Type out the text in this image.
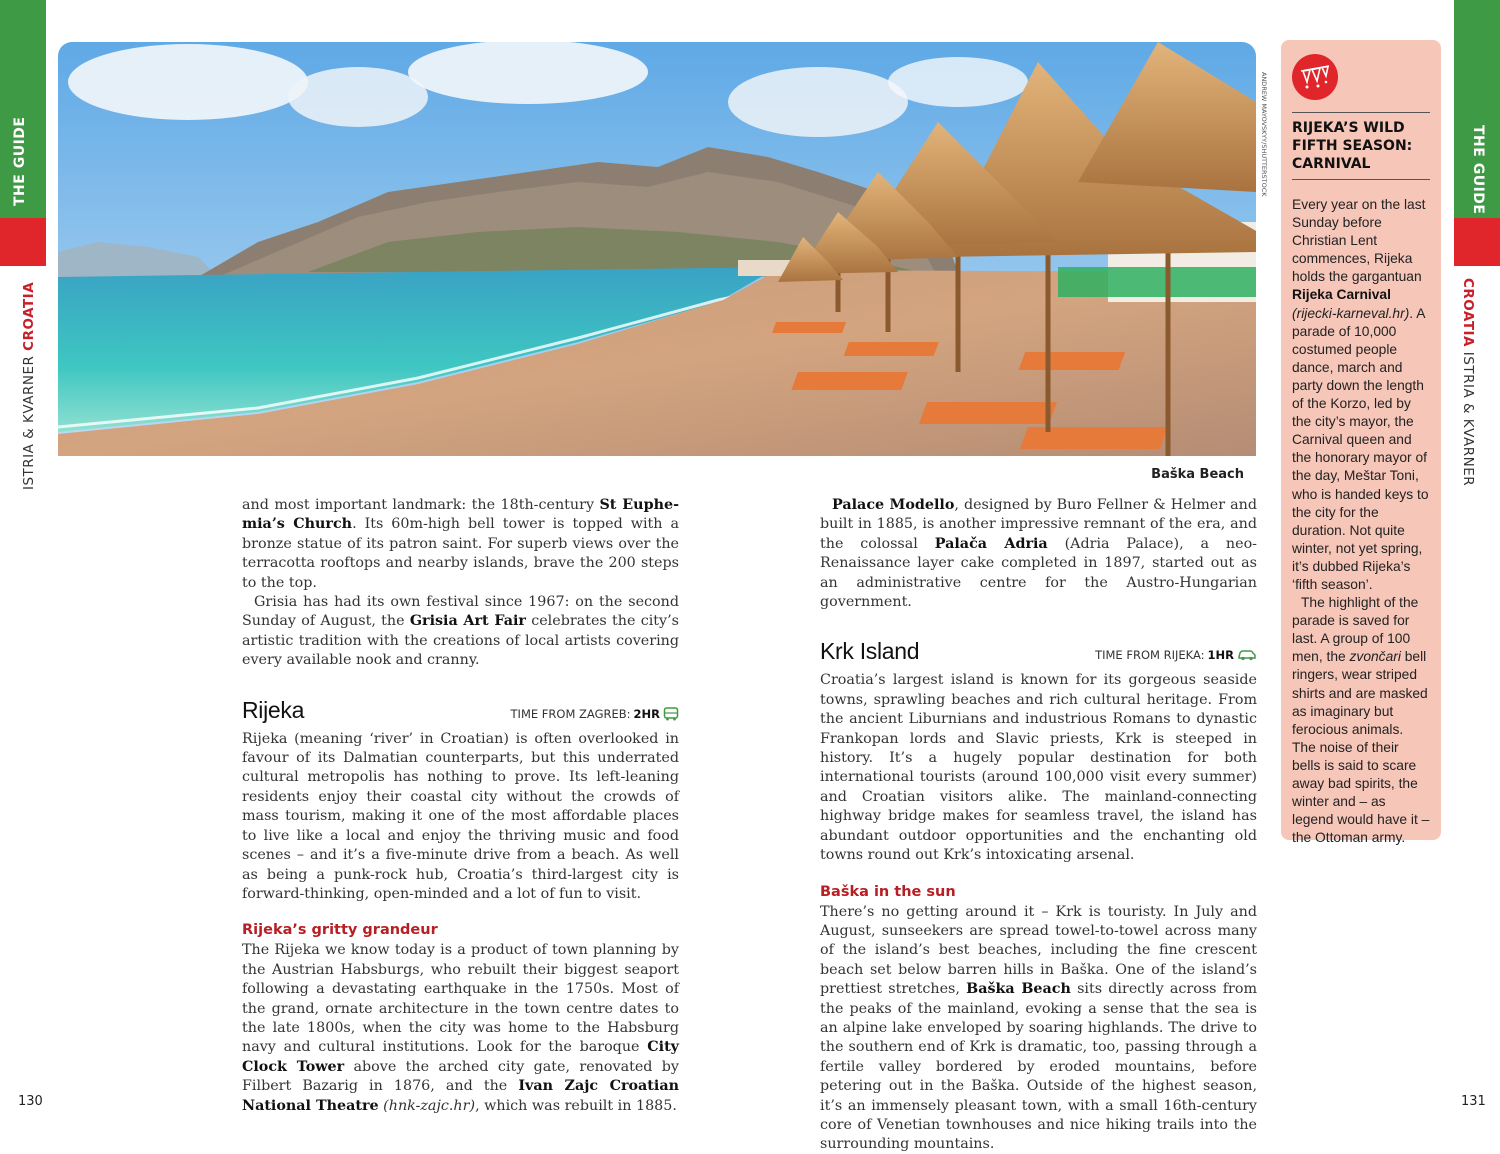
THE GUIDE
ISTRIA & KVARNER CROATIA
THE GUIDE
CROATIA ISTRIA & KVARNER
ANDREW MAYOVSKYY/SHUTTERSTOCK
Baška Beach

and most important landmark: the 18th-century St Euphemia’s Church. Its 60m-high bell tower is topped with a bronze statue of its patron saint. For superb views over the terracotta rooftops and nearby islands, brave the 200 steps to the top.

Grisia has had its own festival since 1967: on the second Sunday of August, the Grisia Art Fair celebrates the city’s artistic tradition with the creations of local artists covering every available nook and cranny.

Rijeka	TIME FROM ZAGREB: 2HR

Rijeka (meaning ‘river’ in Croatian) is often overlooked in favour of its Dalmatian counterparts, but this underrated cultural metropolis has nothing to prove. Its left-leaning residents enjoy their coastal city without the crowds of mass tourism, making it one of the most affordable places to live like a local and enjoy the thriving music and food scenes – and it’s a five-minute drive from a beach. As well as being a punk-rock hub, Croatia’s third-largest city is forward-thinking, open-minded and a lot of fun to visit.

Rijeka’s gritty grandeur

The Rijeka we know today is a product of town planning by the Austrian Habsburgs, who rebuilt their biggest seaport following a devastating earthquake in the 1750s. Most of the grand, ornate architecture in the town centre dates to the late 1800s, when the city was home to the Habsburg navy and cultural institutions. Look for the baroque City Clock Tower above the arched city gate, renovated by Filbert Bazarig in 1876, and the Ivan Zajc Croatian National Theatre (hnk-zajc.hr), which was rebuilt in 1885.

Palace Modello, designed by Buro Fellner & Helmer and built in 1885, is another impressive remnant of the era, and the colossal Palača Adria (Adria Palace), a neo-Renaissance layer cake completed in 1897, started out as an administrative centre for the Austro-Hungarian government.

Krk Island	TIME FROM RIJEKA: 1HR

Croatia’s largest island is known for its gorgeous seaside towns, sprawling beaches and rich cultural heritage. From the ancient Liburnians and industrious Romans to dynastic Frankopan lords and Slavic priests, Krk is steeped in history. It’s a hugely popular destination for both international tourists (around 100,000 visit every summer) and Croatian visitors alike. The mainland-connecting highway bridge makes for seamless travel, the island has abundant outdoor opportunities and the enchanting old towns round out Krk’s intoxicating arsenal.

Baška in the sun

There’s no getting around it – Krk is touristy. In July and August, sunseekers are spread towel-to-towel across many of the island’s best beaches, including the fine crescent beach set below barren hills in Baška. One of the island’s prettiest stretches, Baška Beach sits directly across from the peaks of the mainland, evoking a sense that the sea is an alpine lake enveloped by soaring highlands. The drive to the southern end of Krk is dramatic, too, passing through a fertile valley bordered by eroded mountains, before petering out in the Baška. Outside of the highest season, it’s an immensely pleasant town, with a small 16th-century core of Venetian townhouses and nice hiking trails into the surrounding mountains.

RIJEKA’S WILD FIFTH SEASON: CARNIVAL
Every year on the last Sunday before Christian Lent commences, Rijeka holds the gargantuan Rijeka Carnival (rijecki-karneval.hr). A parade of 10,000 costumed people dance, march and party down the length of the Korzo, led by the city’s mayor, the Carnival queen and the honorary mayor of the day, Meštar Toni, who is handed keys to the city for the duration. Not quite winter, not yet spring, it’s dubbed Rijeka’s ‘fifth season’.
The highlight of the parade is saved for last. A group of 100 men, the zvončari bell ringers, wear striped shirts and are masked as imaginary but ferocious animals. The noise of their bells is said to scare away bad spirits, the winter and – as legend would have it – the Ottoman army.
130	131
